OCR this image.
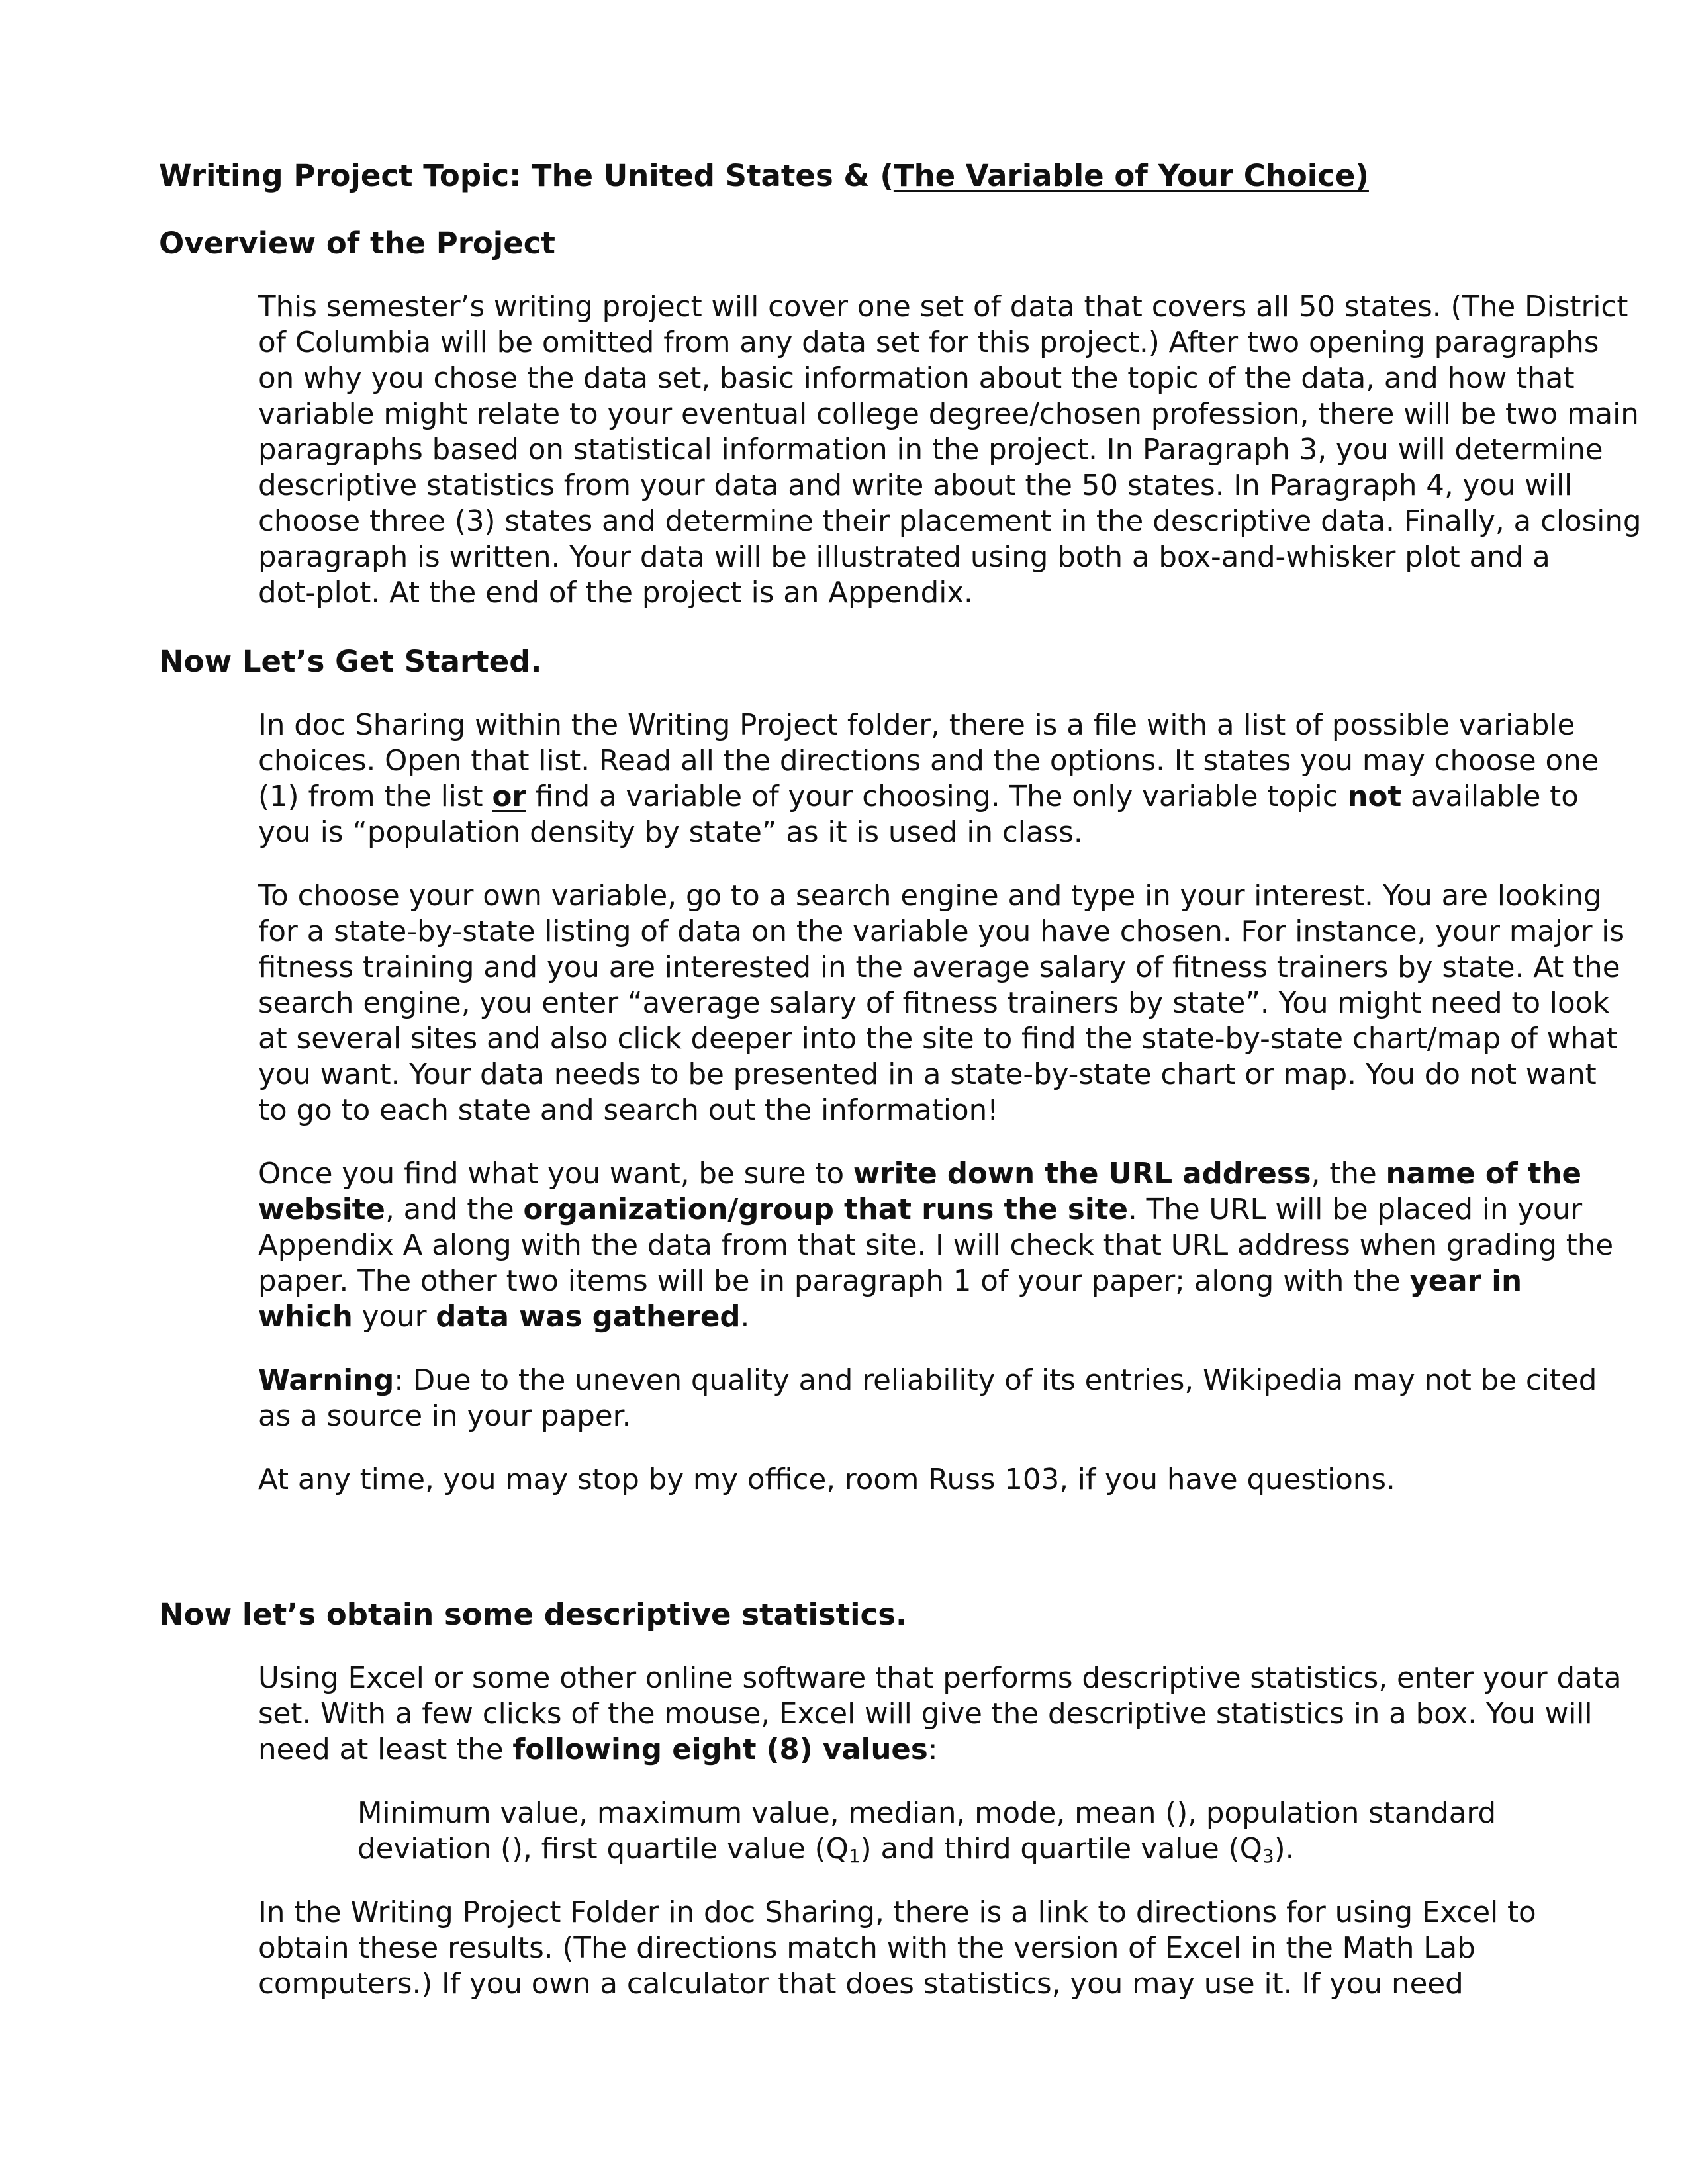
Writing Project Topic: The United States & (The Variable of Your Choice)
Overview of the Project
This semester’s writing project will cover one set of data that covers all 50 states. (The District
of Columbia will be omitted from any data set for this project.) After two opening paragraphs
on why you chose the data set, basic information about the topic of the data, and how that
variable might relate to your eventual college degree/chosen profession, there will be two main
paragraphs based on statistical information in the project. In Paragraph 3, you will determine
descriptive statistics from your data and write about the 50 states. In Paragraph 4, you will
choose three (3) states and determine their placement in the descriptive data. Finally, a closing
paragraph is written. Your data will be illustrated using both a box-and-whisker plot and a
dot-plot. At the end of the project is an Appendix.
Now Let’s Get Started.
In doc Sharing within the Writing Project folder, there is a file with a list of possible variable
choices. Open that list. Read all the directions and the options. It states you may choose one
(1) from the list or find a variable of your choosing. The only variable topic not available to
you is “population density by state” as it is used in class.
To choose your own variable, go to a search engine and type in your interest. You are looking
for a state-by-state listing of data on the variable you have chosen. For instance, your major is
fitness training and you are interested in the average salary of fitness trainers by state. At the
search engine, you enter “average salary of fitness trainers by state”. You might need to look
at several sites and also click deeper into the site to find the state-by-state chart/map of what
you want. Your data needs to be presented in a state-by-state chart or map. You do not want
to go to each state and search out the information!
Once you find what you want, be sure to write down the URL address, the name of the
website, and the organization/group that runs the site. The URL will be placed in your
Appendix A along with the data from that site. I will check that URL address when grading the
paper. The other two items will be in paragraph 1 of your paper; along with the year in
which your data was gathered.
Warning: Due to the uneven quality and reliability of its entries, Wikipedia may not be cited
as a source in your paper.
At any time, you may stop by my office, room Russ 103, if you have questions.
Now let’s obtain some descriptive statistics.
Using Excel or some other online software that performs descriptive statistics, enter your data
set. With a few clicks of the mouse, Excel will give the descriptive statistics in a box. You will
need at least the following eight (8) values:
Minimum value, maximum value, median, mode, mean (), population standard
deviation (), first quartile value $(Q_1)$ and third quartile value $(Q_3)$.
In the Writing Project Folder in doc Sharing, there is a link to directions for using Excel to
obtain these results. (The directions match with the version of Excel in the Math Lab
computers.) If you own a calculator that does statistics, you may use it. If you need
